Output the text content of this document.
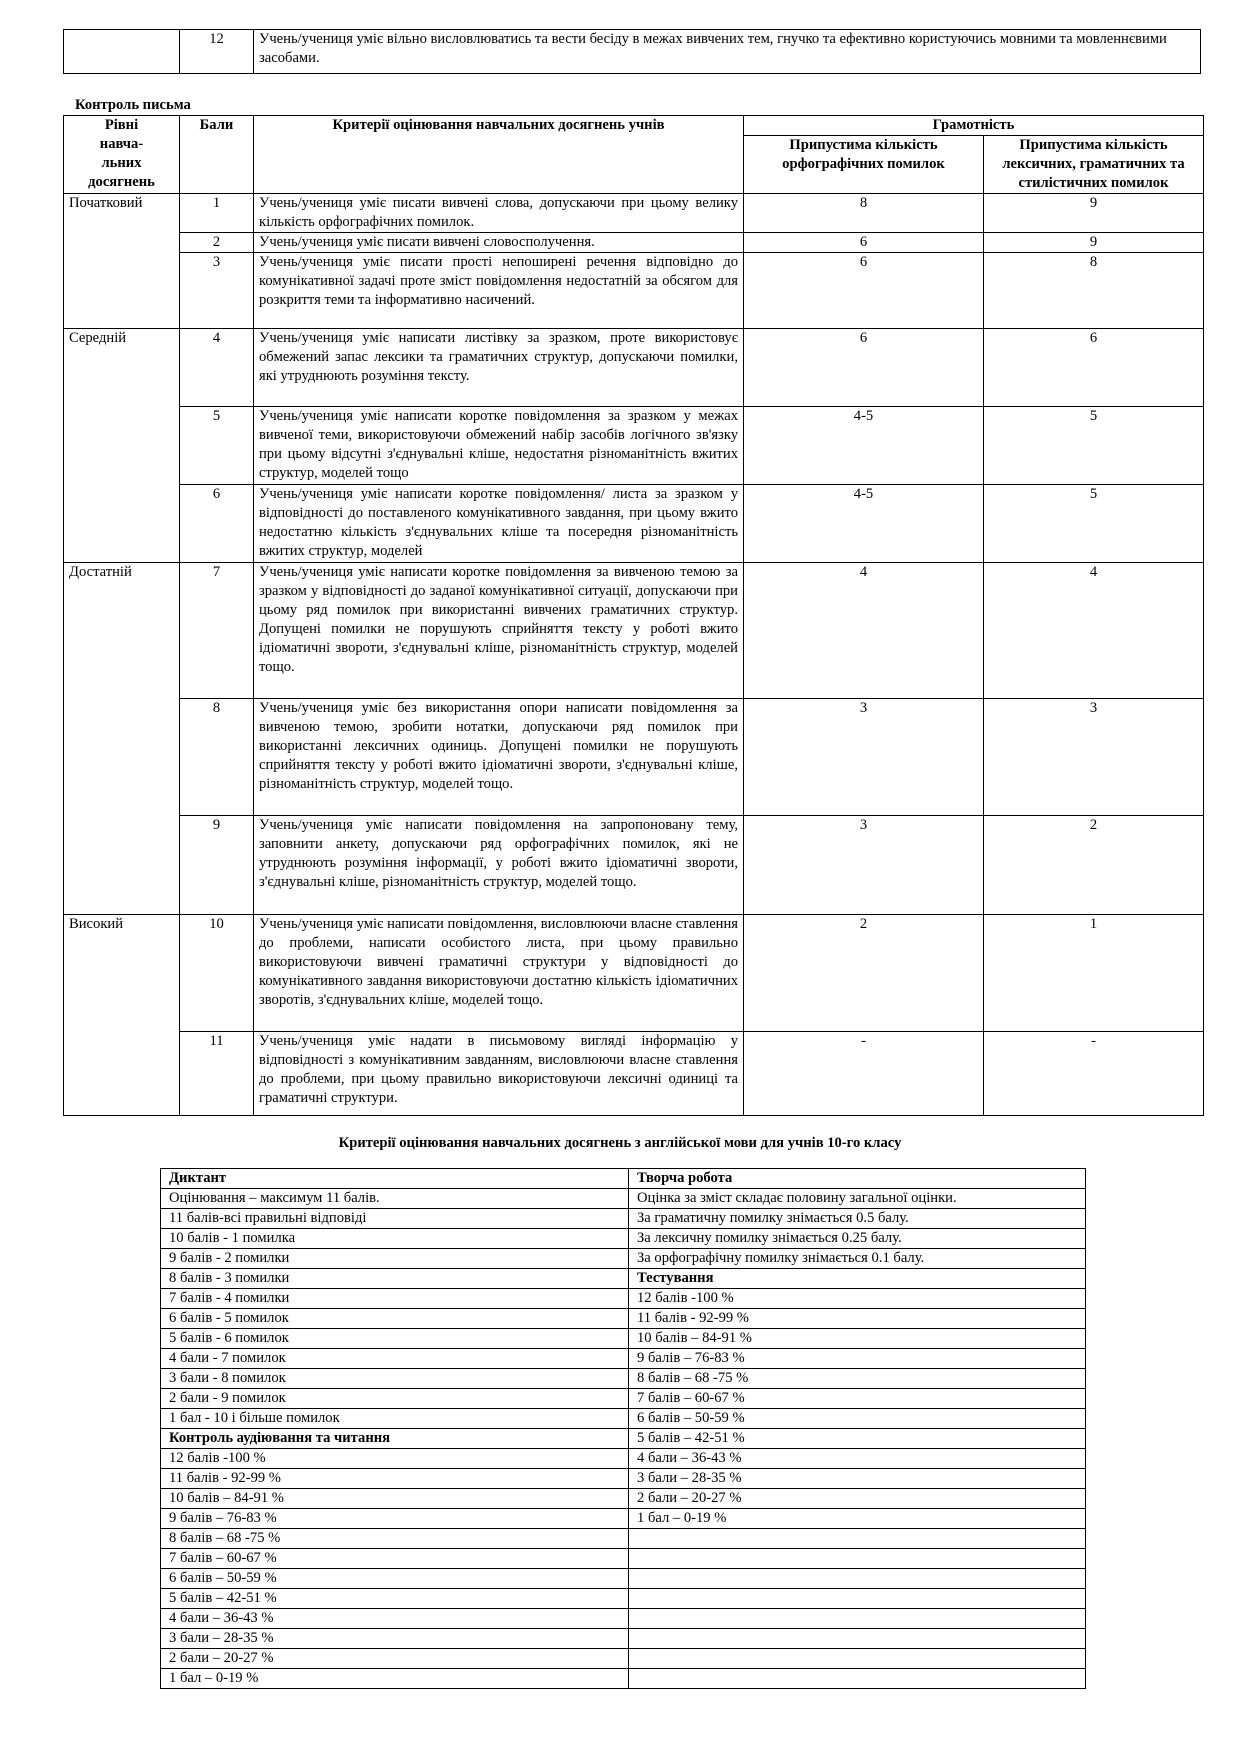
	12	Учень/учениця уміє вільно висловлюватись та вести бесіду в межах вивчених тем, гнучко та ефективно користуючись мовними та мовленнєвими засобами.
Контроль письма
Рівні навча-льних досягнень	Бали	Критерії оцінювання навчальних досягнень учнів	Грамотність	
			Припустима кількість орфографічних помилок	Припустима кількість лексичних, граматичних та стилістичних помилок
Початковий	1	Учень/учениця уміє писати вивчені слова, допускаючи при цьому велику кількість орфографічних помилок.	8	9
	2	Учень/учениця уміє писати вивчені словосполучення.	6	9
	3	Учень/учениця уміє писати прості непоширені речення відповідно до комунікативної задачі проте зміст повідомлення недостатній за обсягом для розкриття теми та інформативно насичений.	6	8
Середній	4	Учень/учениця уміє написати листівку за зразком, проте використовує обмежений запас лексики та граматичних структур, допускаючи помилки, які утруднюють розуміння тексту.	6	6
	5	Учень/учениця уміє написати коротке повідомлення за зразком у межах вивченої теми, використовуючи обмежений набір засобів логічного зв'язку при цьому відсутні з'єднувальні кліше, недостатня різноманітність вжитих структур, моделей тощо	4-5	5
	6	Учень/учениця уміє написати коротке повідомлення/ листа за зразком у відповідності до поставленого комунікативного завдання, при цьому вжито недостатню кількість з'єднувальних кліше та посередня різноманітність вжитих структур, моделей	4-5	5
Достатній	7	Учень/учениця уміє написати коротке повідомлення за вивченою темою за зразком у відповідності до заданої комунікативної ситуації, допускаючи при цьому ряд помилок при використанні вивчених граматичних структур. Допущені помилки не порушують сприйняття тексту у роботі вжито ідіоматичні звороти, з'єднувальні кліше, різноманітність структур, моделей тощо.	4	4
	8	Учень/учениця уміє без використання опори написати повідомлення за вивченою темою, зробити нотатки, допускаючи ряд помилок при використанні лексичних одиниць. Допущені помилки не порушують сприйняття тексту у роботі вжито ідіоматичні звороти, з'єднувальні кліше, різноманітність структур, моделей тощо.	3	3
	9	Учень/учениця уміє написати повідомлення на запропоновану тему, заповнити анкету, допускаючи ряд орфографічних помилок, які не утруднюють розуміння інформації, у роботі вжито ідіоматичні звороти, з'єднувальні кліше, різноманітність структур, моделей тощо.	3	2
Високий	10	Учень/учениця уміє написати повідомлення, висловлюючи власне ставлення до проблеми, написати особистого листа, при цьому правильно використовуючи вивчені граматичні структури у відповідності до комунікативного завдання використовуючи достатню кількість ідіоматичних зворотів, з'єднувальних кліше, моделей тощо.	2	1
	11	Учень/учениця уміє надати в письмовому вигляді інформацію у відповідності з комунікативним завданням, висловлюючи власне ставлення до проблеми, при цьому правильно використовуючи лексичні одиниці та граматичні структури.	-	-
Критерії оцінювання навчальних досягнень з англійської мови для учнів 10-го класу
Диктант	Творча робота
Оцінювання – максимум 11 балів.	Оцінка за зміст складає половину загальної оцінки.
11 балів-всі правильні відповіді	За граматичну помилку знімається 0.5 балу.
10 балів - 1 помилка	За лексичну помилку знімається 0.25 балу.
9 балів - 2 помилки	За орфографічну помилку знімається 0.1 балу.
8 балів - 3 помилки	Тестування
7 балів - 4 помилки	12 балів -100 %
6 балів - 5 помилок	11 балів - 92-99 %
5 балів - 6 помилок	10 балів – 84-91 %
4 бали - 7 помилок	9 балів – 76-83 %
3 бали - 8 помилок	8 балів – 68 -75 %
2 бали - 9 помилок	7 балів – 60-67 %
1 бал - 10 і більше помилок	6 балів – 50-59 %
Контроль аудіювання та читання	5 балів – 42-51 %
12 балів -100 %	4 бали – 36-43 %
11 балів - 92-99 %	3 бали – 28-35 %
10 балів – 84-91 %	2 бали – 20-27 %
9 балів – 76-83 %	1 бал – 0-19 %
8 балів – 68 -75 %	
7 балів – 60-67 %	
6 балів – 50-59 %	
5 балів – 42-51 %	
4 бали – 36-43 %	
3 бали – 28-35 %	
2 бали – 20-27 %	
1 бал – 0-19 %	
